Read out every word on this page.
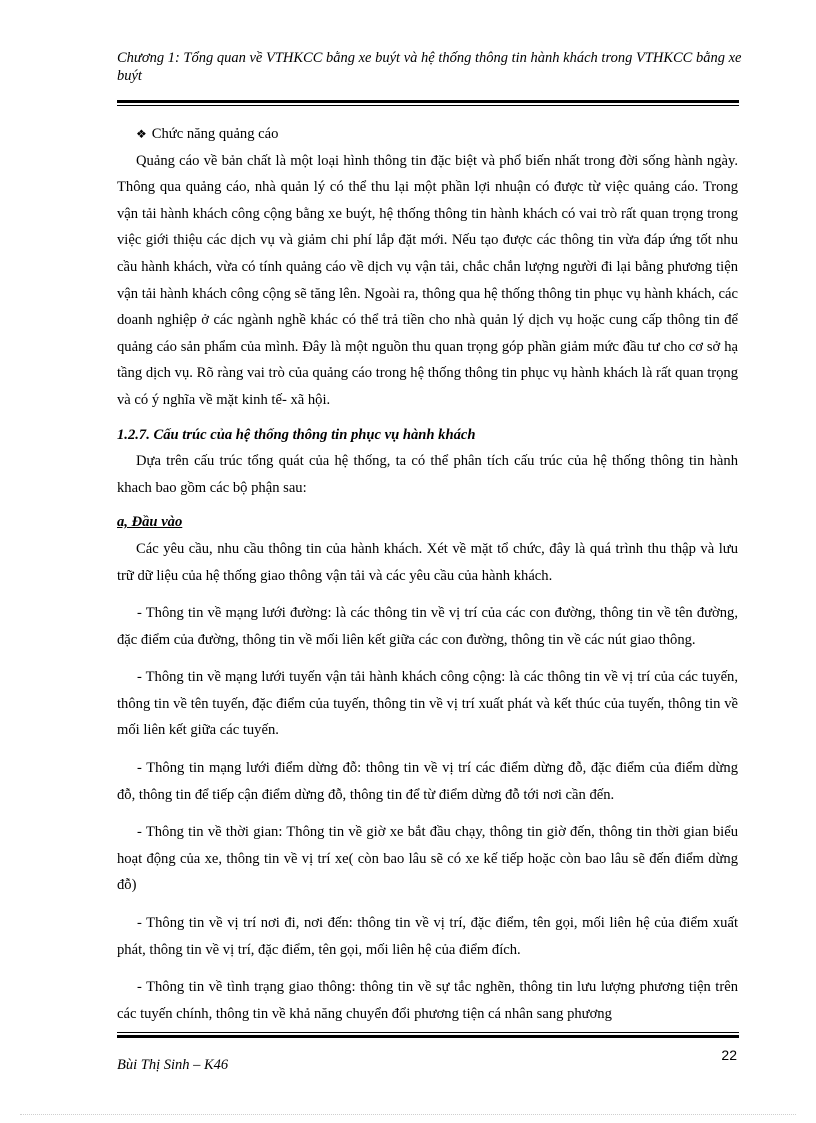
Chương 1: Tổng quan về VTHKCC bằng xe buýt và hệ thống thông tin hành khách trong VTHKCC bằng xe buýt

❖ Chức năng quảng cáo

Quảng cáo về bản chất là một loại hình thông tin đặc biệt và phổ biến nhất trong đời sống hành ngày. Thông qua quảng cáo, nhà quản lý có thể thu lại một phần lợi nhuận có được từ việc quảng cáo. Trong vận tải hành khách công cộng bằng xe buýt, hệ thống thông tin hành khách có vai trò rất quan trọng trong việc giới thiệu các dịch vụ và giảm chi phí lắp đặt mới. Nếu tạo được các thông tin vừa đáp ứng tốt nhu cầu hành khách, vừa có tính quảng cáo về dịch vụ vận tải, chắc chắn lượng người đi lại bằng phương tiện vận tải hành khách công cộng sẽ tăng lên. Ngoài ra, thông qua hệ thống thông tin phục vụ hành khách, các doanh nghiệp ở các ngành nghề khác có thể trả tiền cho nhà quản lý dịch vụ hoặc cung cấp thông tin để quảng cáo sản phẩm của mình. Đây là một nguồn thu quan trọng góp phần giảm mức đầu tư cho cơ sở hạ tầng dịch vụ. Rõ ràng vai trò của quảng cáo trong hệ thống thông tin phục vụ hành khách là rất quan trọng và có ý nghĩa về mặt kinh tế- xã hội.

1.2.7. Cấu trúc của hệ thống thông tin phục vụ hành khách

Dựa trên cấu trúc tổng quát của hệ thống, ta có thể phân tích cấu trúc của hệ thống thông tin hành khach bao gồm các bộ phận sau:

a, Đầu vào

Các yêu cầu, nhu cầu thông tin của hành khách. Xét về mặt tổ chức, đây là quá trình thu thập và lưu trữ dữ liệu của hệ thống giao thông vận tải và các yêu cầu của hành khách.

- Thông tin về mạng lưới đường: là các thông tin về vị trí của các con đường, thông tin về tên đường, đặc điểm của đường, thông tin về mối liên kết giữa các con đường, thông tin về các nút giao thông.

- Thông tin về mạng lưới tuyến vận tải hành khách công cộng: là các thông tin về vị trí của các tuyến, thông tin về tên tuyến, đặc điểm của tuyến, thông tin về vị trí xuất phát và kết thúc của tuyến, thông tin về mối liên kết giữa các tuyến.

- Thông tin mạng lưới điểm dừng đỗ: thông tin về vị trí các điểm dừng đỗ, đặc điểm của điểm dừng đỗ, thông tin để tiếp cận điểm dừng đỗ, thông tin để từ điểm dừng đỗ tới nơi cần đến.

- Thông tin về thời gian: Thông tin về giờ xe bắt đầu chạy, thông tin giờ đến, thông tin thời gian biểu hoạt động của xe, thông tin về vị trí xe( còn bao lâu sẽ có xe kế tiếp hoặc còn bao lâu sẽ đến điểm dừng đỗ)

- Thông tin về vị trí nơi đi, nơi đến: thông tin về vị trí, đặc điểm, tên gọi, mối liên hệ của điểm xuất phát, thông tin về vị trí, đặc điểm, tên gọi, mối liên hệ của điểm đích.

- Thông tin về tình trạng giao thông: thông tin về sự tắc nghẽn, thông tin lưu lượng phương tiện trên các tuyến chính, thông tin về khả năng chuyển đổi phương tiện cá nhân sang phương

22
Bùi Thị Sinh – K46
